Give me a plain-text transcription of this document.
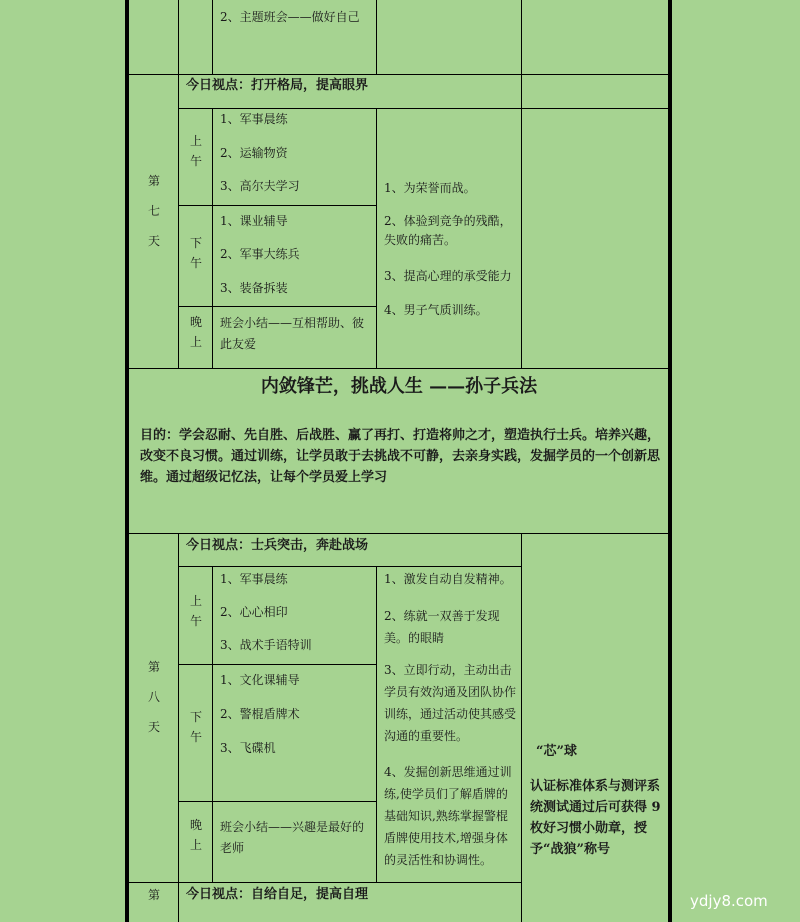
2、主题班会——做好自己
第
七
天
今日视点：打开格局，提高眼界
上
午
1、军事晨练
2、运输物资
3、高尔夫学习
下
午
1、课业辅导
2、军事大练兵
3、装备拆装
晚
上
班会小结——互相帮助、彼此友爱
1、为荣誉而战。
2、体验到竞争的残酷，失败的痛苦。
3、提高心理的承受能力
4、男子气质训练。
内敛锋芒，挑战人生 ——孙子兵法
目的：学会忍耐、先自胜、后战胜、赢了再打、打造将帅之才，塑造执行士兵。培养兴趣，改变不良习惯。通过训练，让学员敢于去挑战不可静，去亲身实践，发掘学员的一个创新思维。通过超级记忆法，让每个学员爱上学习
第
八
天
今日视点：士兵突击，奔赴战场
上
午
1、军事晨练
2、心心相印
3、战术手语特训
下
午
1、文化课辅导
2、警棍盾牌术
3、飞碟机
晚
上
班会小结——兴趣是最好的老师
1、激发自动自发精神。
2、练就一双善于发现美。的眼睛
3、立即行动，主动出击学员有效沟通及团队协作训练，通过活动使其感受沟通的重要性。
4、发掘创新思维通过训练,使学员们了解盾牌的基础知识,熟练掌握警棍盾牌使用技术,增强身体的灵活性和协调性。
“芯”球
认证标准体系与测评系统测试通过后可获得 9 枚好习惯小勋章，授予“战狼”称号
第 今日视点：自给自足，提高自理	ydjy8.com
